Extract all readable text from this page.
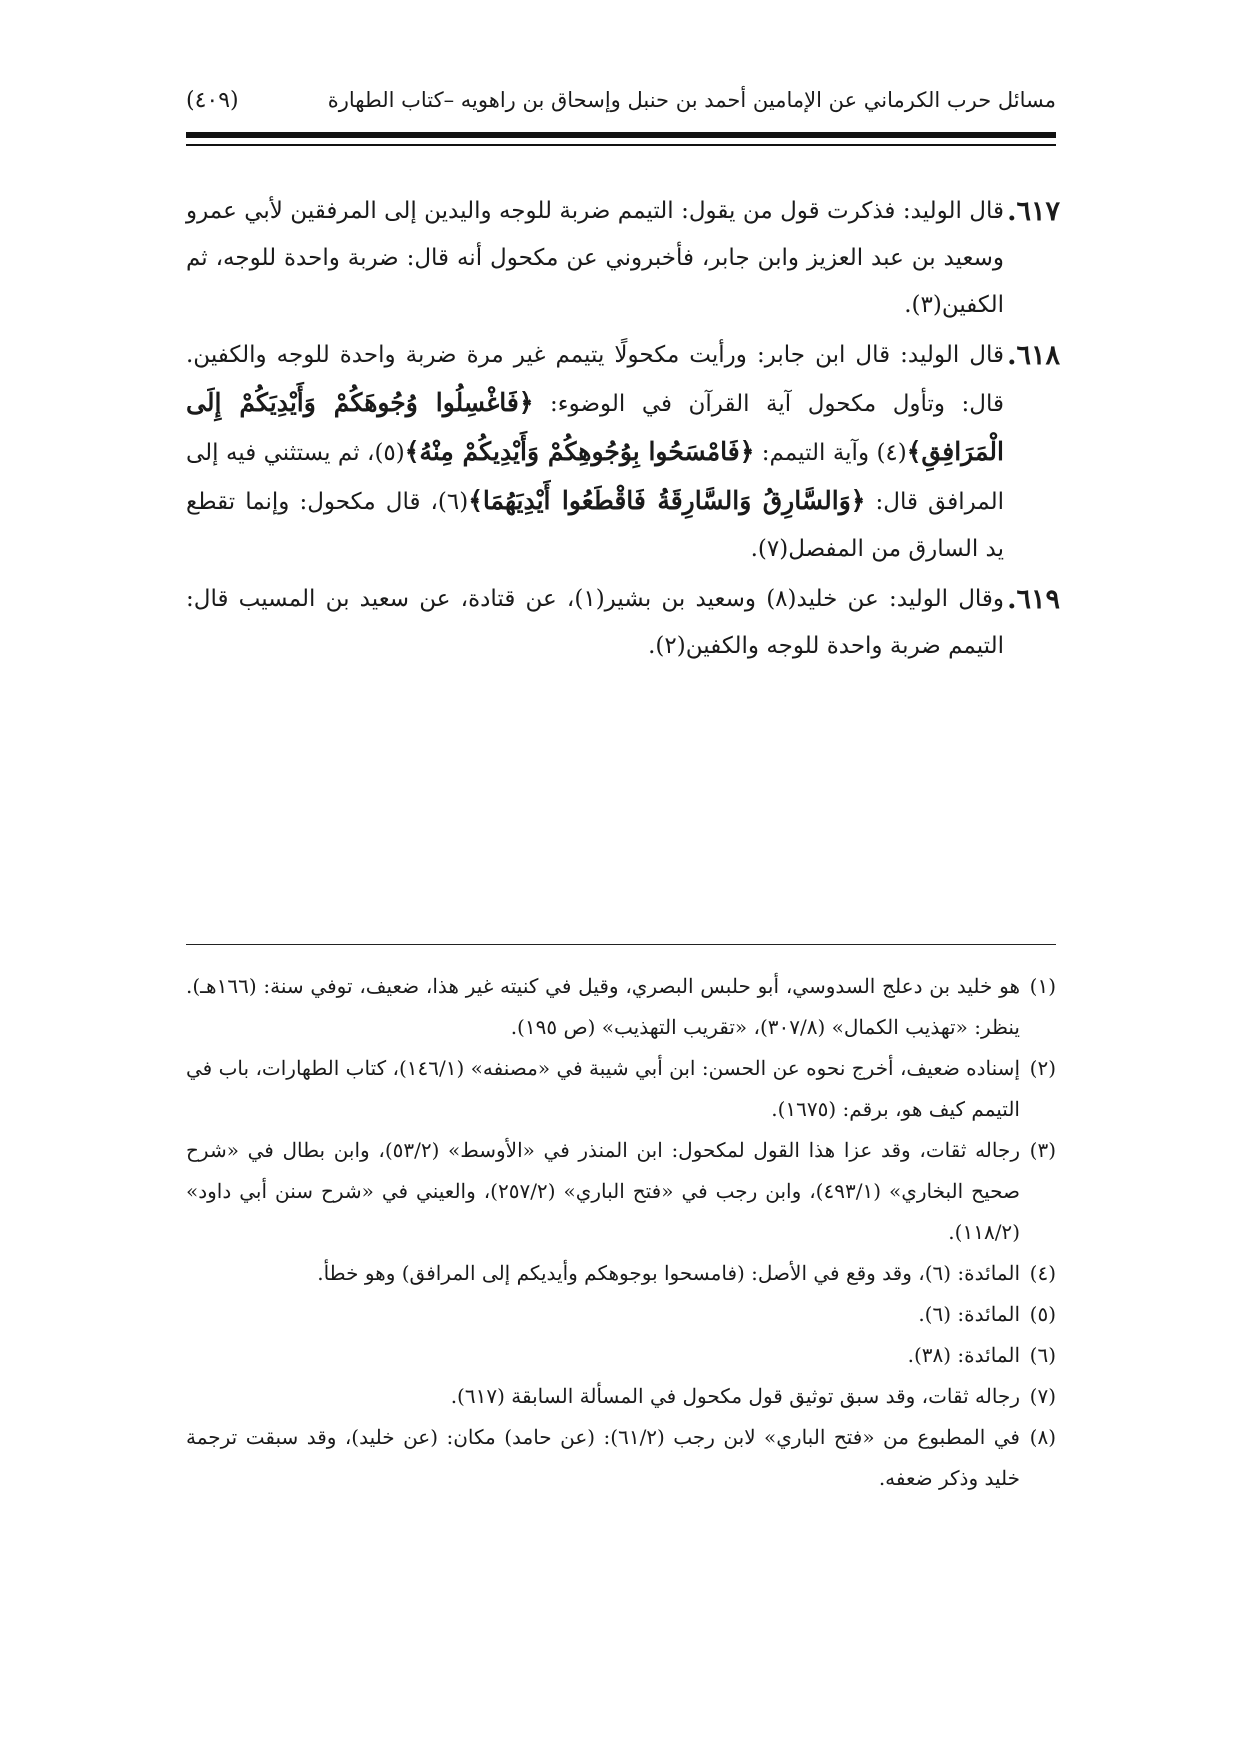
مسائل حرب الكرماني عن الإمامين أحمد بن حنبل وإسحاق بن راهويه –كتاب الطهارة
(٤٠٩)

٦١٧.
قال الوليد: فذكرت قول من يقول: التيمم ضربة للوجه واليدين إلى المرفقين لأبي عمرو وسعيد بن عبد العزيز وابن جابر، فأخبروني عن مكحول أنه قال: ضربة واحدة للوجه، ثم الكفين(٣).

٦١٨.
قال الوليد: قال ابن جابر: ورأيت مكحولًا يتيمم غير مرة ضربة واحدة للوجه والكفين. قال: وتأول مكحول آية القرآن في الوضوء: ﴿فَاغْسِلُوا وُجُوهَكُمْ وَأَيْدِيَكُمْ إِلَى الْمَرَافِقِ﴾(٤) وآية التيمم: ﴿فَامْسَحُوا بِوُجُوهِكُمْ وَأَيْدِيكُمْ مِنْهُ﴾(٥)، ثم يستثني فيه إلى المرافق قال: ﴿وَالسَّارِقُ وَالسَّارِقَةُ فَاقْطَعُوا أَيْدِيَهُمَا﴾(٦)، قال مكحول: وإنما تقطع يد السارق من المفصل(٧).

٦١٩.
وقال الوليد: عن خليد(٨) وسعيد بن بشير(١)، عن قتادة، عن سعيد بن المسيب قال: التيمم ضربة واحدة للوجه والكفين(٢).

(١)
هو خليد بن دعلج السدوسي، أبو حلبس البصري، وقيل في كنيته غير هذا، ضعيف، توفي سنة: (١٦٦هـ). ينظر: «تهذيب الكمال» (٣٠٧/٨)، «تقريب التهذيب» (ص ١٩٥).

(٢)
إسناده ضعيف، أخرج نحوه عن الحسن: ابن أبي شيبة في «مصنفه» (١٤٦/١)، كتاب الطهارات، باب في التيمم كيف هو، برقم: (١٦٧٥).

(٣)
رجاله ثقات، وقد عزا هذا القول لمكحول: ابن المنذر في «الأوسط» (٥٣/٢)، وابن بطال في «شرح صحيح البخاري» (٤٩٣/١)، وابن رجب في «فتح الباري» (٢٥٧/٢)، والعيني في «شرح سنن أبي داود» (١١٨/٢).

(٤)
المائدة: (٦)، وقد وقع في الأصل: (فامسحوا بوجوهكم وأيديكم إلى المرافق) وهو خطأ.

(٥)
المائدة: (٦).

(٦)
المائدة: (٣٨).

(٧)
رجاله ثقات، وقد سبق توثيق قول مكحول في المسألة السابقة (٦١٧).

(٨)
في المطبوع من «فتح الباري» لابن رجب (٦١/٢): (عن حامد) مكان: (عن خليد)، وقد سبقت ترجمة خليد وذكر ضعفه.
